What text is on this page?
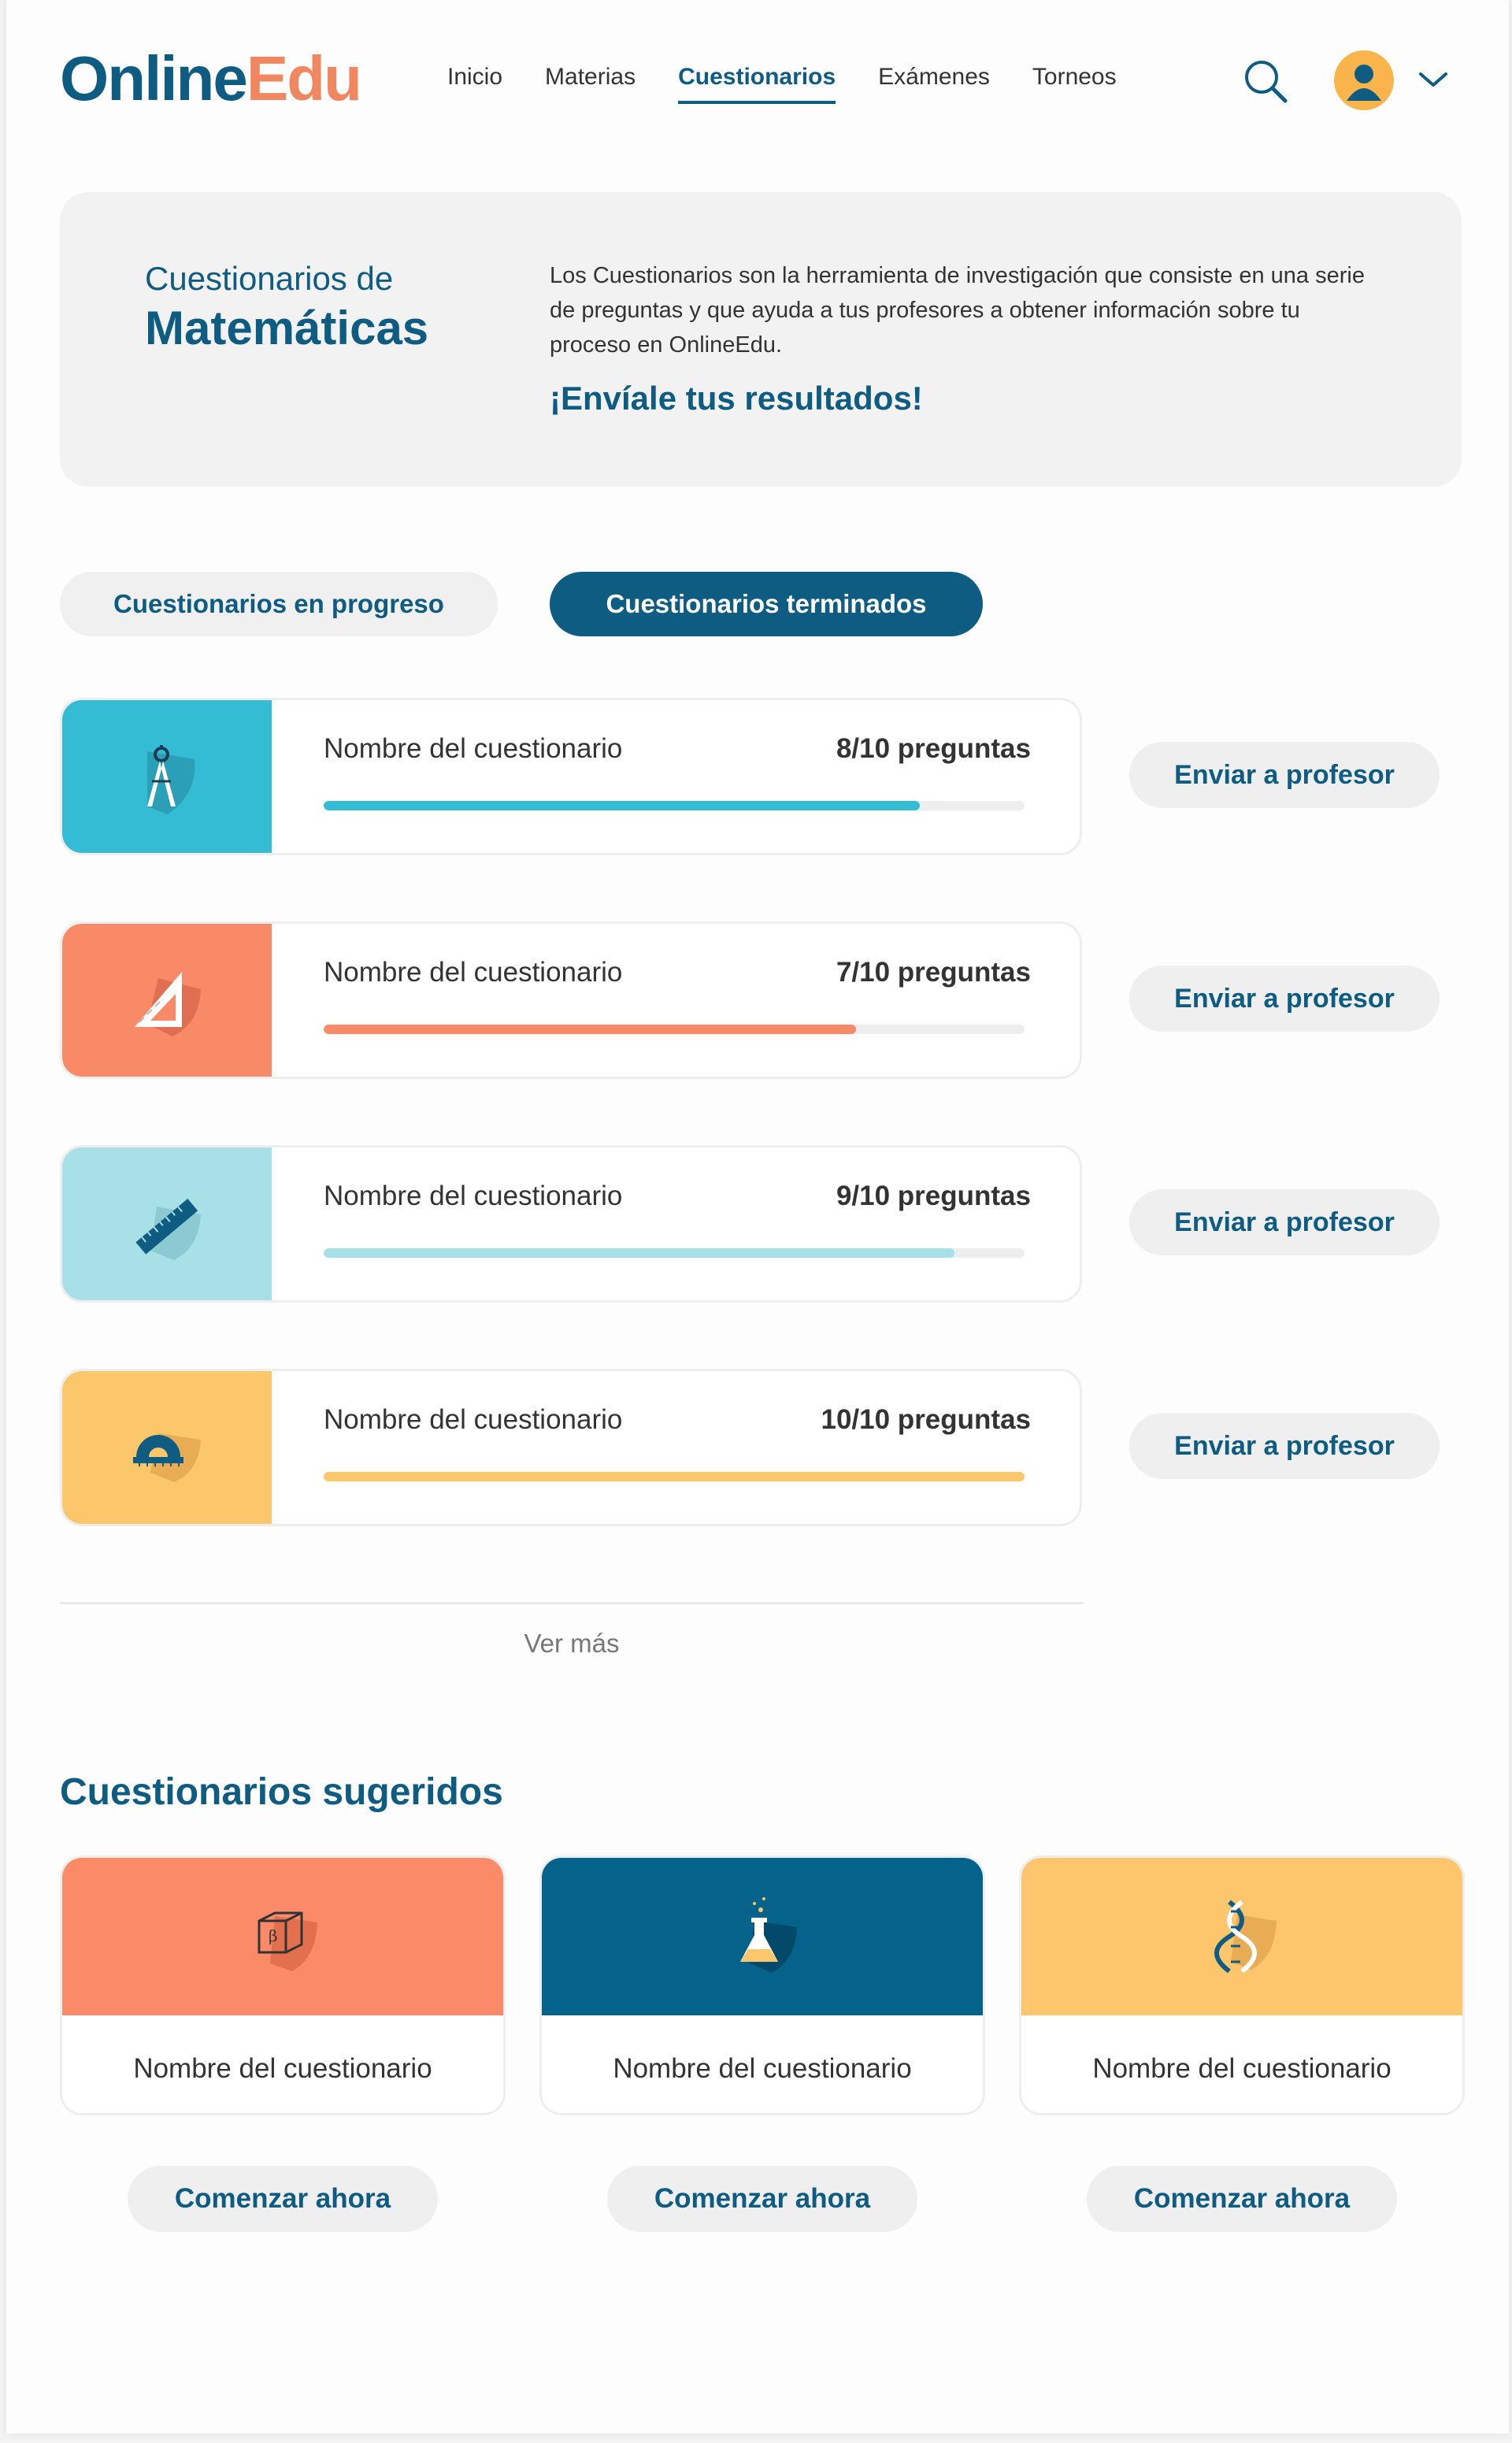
OnlineEdu	Inicio Materias Cuestionarios Exámenes Torneos
Cuestionarios de
Matemáticas
Los Cuestionarios son la herramienta de investigación que consiste en una serie de preguntas y que ayuda a tus profesores a obtener información sobre tu proceso en OnlineEdu.
¡Envíale tus resultados!
Cuestionarios en progreso	Cuestionarios terminados
Nombre del cuestionario	8/10 preguntas
Enviar a profesor
Nombre del cuestionario	7/10 preguntas
Enviar a profesor
Nombre del cuestionario	9/10 preguntas
Enviar a profesor
Nombre del cuestionario	10/10 preguntas
Enviar a profesor
Ver más
Cuestionarios sugeridos
β
Nombre del cuestionario
Comenzar ahora
Nombre del cuestionario
Comenzar ahora
Nombre del cuestionario
Comenzar ahora
